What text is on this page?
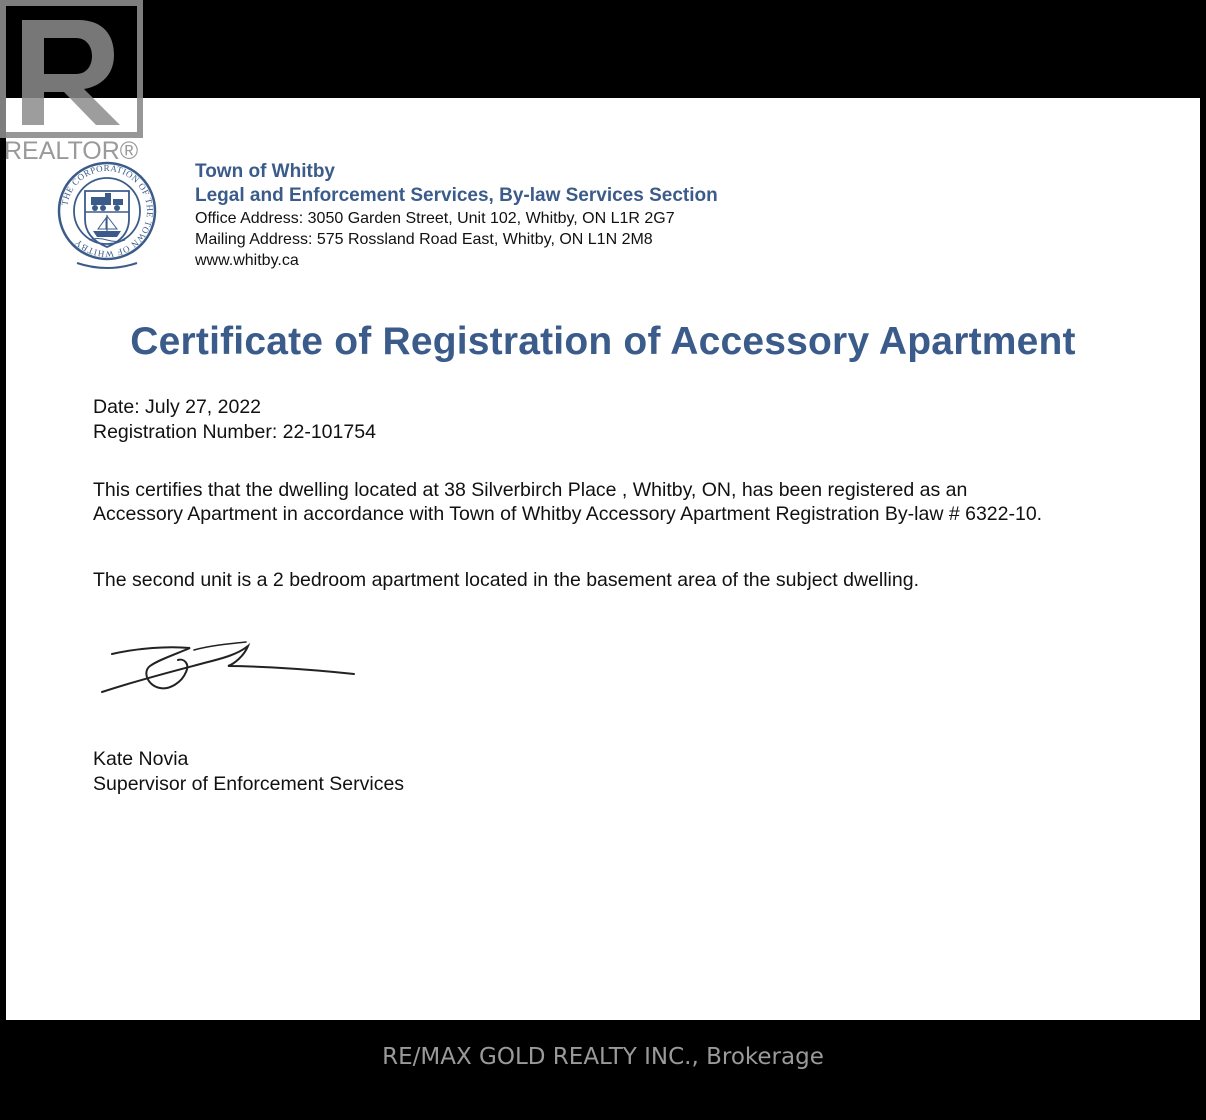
REALTOR®
THE CORPORATION OF THE TOWN OF WHITBY
Town of Whitby
Legal and Enforcement Services, By-law Services Section
Office Address: 3050 Garden Street, Unit 102, Whitby, ON L1R 2G7
Mailing Address: 575 Rossland Road East, Whitby, ON L1N 2M8
www.whitby.ca
Certificate of Registration of Accessory Apartment
Date: July 27, 2022
Registration Number: 22-101754
This certifies that the dwelling located at 38 Silverbirch Place , Whitby, ON, has been registered as an Accessory Apartment in accordance with Town of Whitby Accessory Apartment Registration By-law # 6322-10.
The second unit is a 2 bedroom apartment located in the basement area of the subject dwelling.
Kate Novia
Supervisor of Enforcement Services
RE/MAX GOLD REALTY INC., Brokerage
